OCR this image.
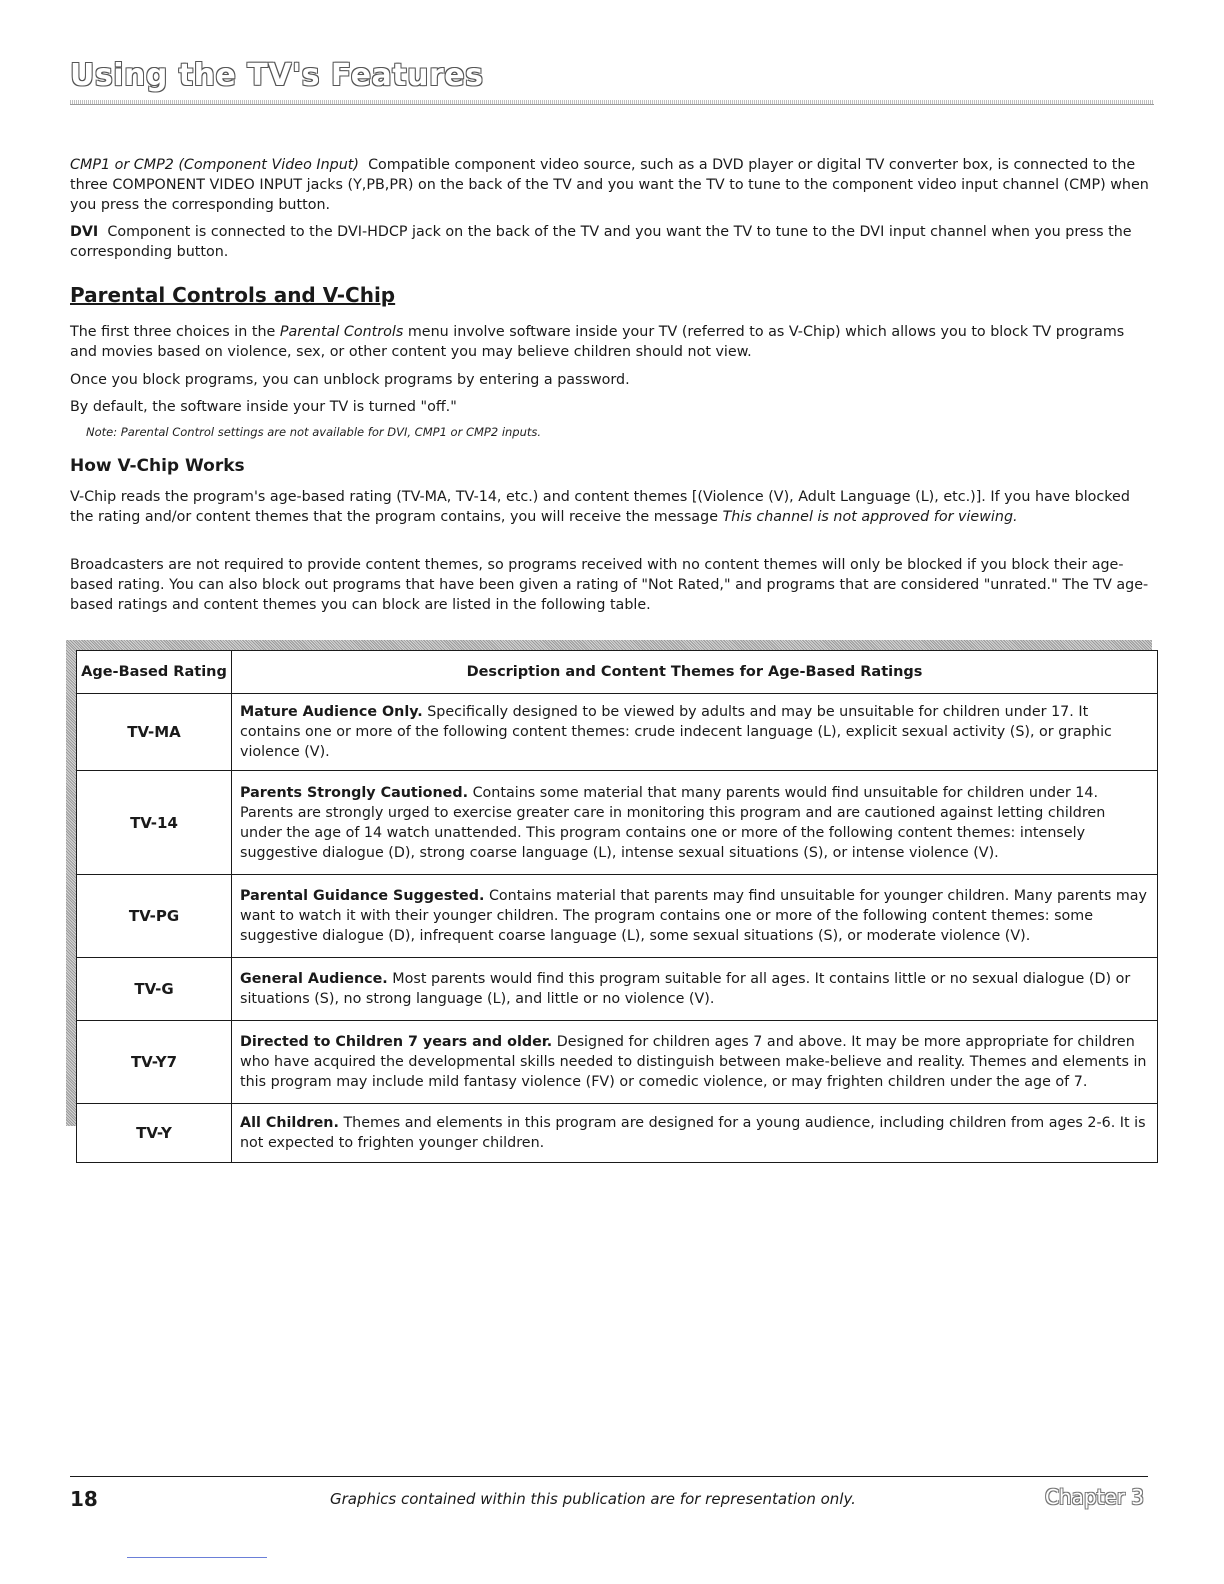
Using the TV's Features

CMP1 or CMP2 (Component Video Input) Compatible component video source, such as a DVD player or digital TV converter box, is connected to the three COMPONENT VIDEO INPUT jacks (Y,PB,PR) on the back of the TV and you want the TV to tune to the component video input channel (CMP) when you press the corresponding button.

DVI Component is connected to the DVI-HDCP jack on the back of the TV and you want the TV to tune to the DVI input channel when you press the corresponding button.

Parental Controls and V-Chip

The first three choices in the Parental Controls menu involve software inside your TV (referred to as V-Chip) which allows you to block TV programs and movies based on violence, sex, or other content you may believe children should not view.

Once you block programs, you can unblock programs by entering a password.

By default, the software inside your TV is turned "off."

Note: Parental Control settings are not available for DVI, CMP1 or CMP2 inputs.

How V-Chip Works

V-Chip reads the program's age-based rating (TV-MA, TV-14, etc.) and content themes [(Violence (V), Adult Language (L), etc.)]. If you have blocked the rating and/or content themes that the program contains, you will receive the message This channel is not approved for viewing.

Broadcasters are not required to provide content themes, so programs received with no content themes will only be blocked if you block their age-based rating. You can also block out programs that have been given a rating of "Not Rated," and programs that are considered "unrated." The TV age-based ratings and content themes you can block are listed in the following table.

Age-Based Rating	Description and Content Themes for Age-Based Ratings
TV-MA	Mature Audience Only. Specifically designed to be viewed by adults and may be unsuitable for children under 17. It contains one or more of the following content themes: crude indecent language (L), explicit sexual activity (S), or graphic violence (V).
TV-14	Parents Strongly Cautioned. Contains some material that many parents would find unsuitable for children under 14. Parents are strongly urged to exercise greater care in monitoring this program and are cautioned against letting children under the age of 14 watch unattended. This program contains one or more of the following content themes: intensely suggestive dialogue (D), strong coarse language (L), intense sexual situations (S), or intense violence (V).
TV-PG	Parental Guidance Suggested. Contains material that parents may find unsuitable for younger children. Many parents may want to watch it with their younger children. The program contains one or more of the following content themes: some suggestive dialogue (D), infrequent coarse language (L), some sexual situations (S), or moderate violence (V).
TV-G	General Audience. Most parents would find this program suitable for all ages. It contains little or no sexual dialogue (D) or situations (S), no strong language (L), and little or no violence (V).
TV-Y7	Directed to Children 7 years and older. Designed for children ages 7 and above. It may be more appropriate for children who have acquired the developmental skills needed to distinguish between make-believe and reality. Themes and elements in this program may include mild fantasy violence (FV) or comedic violence, or may frighten children under the age of 7.
TV-Y	All Children. Themes and elements in this program are designed for a young audience, including children from ages 2-6. It is not expected to frighten younger children.
18	Graphics contained within this publication are for representation only.	Chapter 3
